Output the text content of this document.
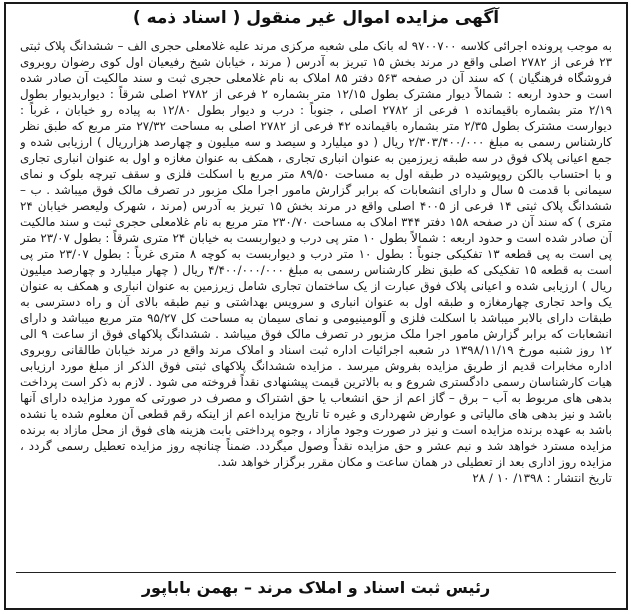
آگهی مزایده اموال غیر منقول ( اسناد ذمه )

به موجب پرونده اجرائی کلاسه ۹۷۰۰۷۰۰ له بانک ملی شعبه مرکزی مرند علیه غلامعلی حجری الف – ششدانگ پلاک ثبتی ۲۳ فرعی از ۲۷۸۲ اصلی واقع در مرند بخش ۱۵ تبریز به آدرس ( مرند ، خیابان شیخ رفیعیان اول کوی رضوان روبروی فروشگاه فرهنگیان ) که سند آن در صفحه ۵۶۳ دفتر ۸۵ املاک به نام غلامعلی حجری ثبت و سند مالکیت آن صادر شده است و حدود اربعه : شمالاً دیوار مشترک بطول ۱۲/۱۵ متر بشماره ۲ فرعی از ۲۷۸۲ اصلی شرقاً : دیواربدیوار بطول ۲/۱۹ متر بشماره باقیمانده ۱ فرعی از ۲۷۸۲ اصلی ، جنوباً : درب و دیوار بطول ۱۲/۸۰ به پیاده رو خیابان ، غرباً : دیوارست مشترک بطول ۲/۳۵ متر بشماره باقیمانده ۴۲ فرعی از ۲۷۸۲ اصلی به مساحت ۲۷/۳۲ متر مربع که طبق نظر کارشناس رسمی به مبلغ ۲/۳۰۳/۴۰۰/۰۰۰ ریال ( دو میلیارد و سیصد و سه میلیون و چهارصد هزارریال ) ارزیابی شده و جمع اعیانی پلاک فوق در سه طبقه زیرزمین به عنوان انباری تجاری ، همکف به عنوان مغازه و اول به عنوان انباری تجاری و با احتساب بالکن روپوشیده در طبقه اول به مساحت ۸۹/۵۰ متر مربع با اسکلت فلزی و سقف تیرچه بلوک و نمای سیمانی با قدمت ۵ سال و دارای انشعابات که برابر گزارش مامور اجرا ملک مزبور در تصرف مالک فوق میباشد . ب – ششدانگ پلاک ثبتی ۱۴ فرعی از ۴۰۰۵ اصلی واقع در مرند بخش ۱۵ تبریز به آدرس (مرند ، شهرک ولیعصر خیابان ۲۴ متری ) که سند آن در صفحه ۱۵۸ دفتر ۳۴۴ املاک به مساحت ۲۳۰/۷۰ متر مربع به نام غلامعلی حجری ثبت و سند مالکیت آن صادر شده است و حدود اربعه : شمالاً بطول ۱۰ متر پی درب و دیواربست به خیابان ۲۴ متری شرقاً : بطول ۲۳/۰۷ متر پی است به پی قطعه ۱۳ تفکیکی جنوباً : بطول ۱۰ متر درب و دیواربست به کوچه ۸ متری غرباً : بطول ۲۳/۰۷ متر پی است به قطعه ۱۵ تفکیکی که طبق نظر کارشناس رسمی به مبلغ ۴/۴۰۰/۰۰۰/۰۰۰ ریال ( چهار میلیارد و چهارصد میلیون ریال ) ارزیابی شده و اعیانی پلاک فوق عبارت از یک ساختمان تجاری شامل زیرزمین به عنوان انباری و همکف به عنوان یک واحد تجاری چهارمغازه و طبقه اول به عنوان انباری و سرویس بهداشتی و نیم طبقه بالای آن و راه دسترسی به طبقات دارای بالابر میباشد با اسکلت فلزی و آلومینیومی و نمای سیمان به مساحت کل ۹۵/۲۷ متر مربع میباشد و دارای انشعابات که برابر گزارش مامور اجرا ملک مزبور در تصرف مالک فوق میباشد . ششدانگ پلاکهای فوق از ساعت ۹ الی ۱۲ روز شنبه مورخ ۱۳۹۸/۱۱/۱۹ در شعبه اجرائیات اداره ثبت اسناد و املاک مرند واقع در مرند خیابان طالقانی روبروی اداره مخابرات قدیم از طریق مزایده بفروش میرسد . مزایده ششدانگ پلاکهای ثبتی فوق الذکر از مبلغ مورد ارزیابی هیات کارشناسان رسمی دادگستری شروع و به بالاترین قیمت پیشنهادی نقداً فروخته می شود . لازم به ذکر است پرداخت بدهی های مربوط به آب – برق – گاز اعم از حق انشعاب یا حق اشتراک و مصرف در صورتی که مورد مزایده دارای آنها باشد و نیز بدهی های مالیاتی و عوارض شهرداری و غیره تا تاریخ مزایده اعم از اینکه رقم قطعی آن معلوم شده یا نشده باشد به عهده برنده مزایده است و نیز در صورت وجود مازاد ، وجوه پرداختی بابت هزینه های فوق از محل مازاد به برنده مزایده مسترد خواهد شد و نیم عشر و حق مزایده نقداً وصول میگردد. ضمناً چنانچه روز مزایده تعطیل رسمی گردد ، مزایده روز اداری بعد از تعطیلی در همان ساعت و مکان مقرر برگزار خواهد شد.

تاریخ انتشار : ۱۳۹۸/ ۱۰ / ۲۸

رئیس ثبت اسناد و املاک مرند – بهمن باباپور
